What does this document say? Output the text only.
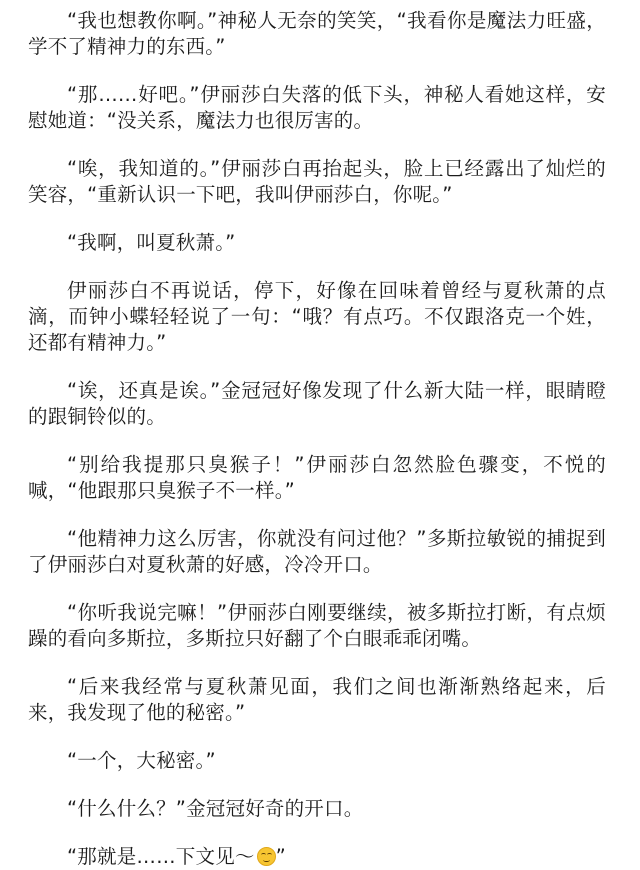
“我也想教你啊。”神秘人无奈的笑笑，“我看你是魔法力旺盛，学不了精神力的东西。”

“那……好吧。”伊丽莎白失落的低下头，神秘人看她这样，安慰她道：“没关系，魔法力也很厉害的。

“唉，我知道的。”伊丽莎白再抬起头，脸上已经露出了灿烂的笑容，“重新认识一下吧，我叫伊丽莎白，你呢。”

“我啊，叫夏秋萧。”

伊丽莎白不再说话，停下，好像在回味着曾经与夏秋萧的点滴，而钟小蝶轻轻说了一句：“哦？有点巧。不仅跟洛克一个姓，还都有精神力。”

“诶，还真是诶。”金冠冠好像发现了什么新大陆一样，眼睛瞪的跟铜铃似的。

“别给我提那只臭猴子！”伊丽莎白忽然脸色骤变，不悦的喊，“他跟那只臭猴子不一样。”

“他精神力这么厉害，你就没有问过他？”多斯拉敏锐的捕捉到了伊丽莎白对夏秋萧的好感，冷冷开口。

“你听我说完嘛！”伊丽莎白刚要继续，被多斯拉打断，有点烦躁的看向多斯拉，多斯拉只好翻了个白眼乖乖闭嘴。

“后来我经常与夏秋萧见面，我们之间也渐渐熟络起来，后来，我发现了他的秘密。”

“一个，大秘密。”

“什么什么？”金冠冠好奇的开口。

“那就是……下文见～ ”
